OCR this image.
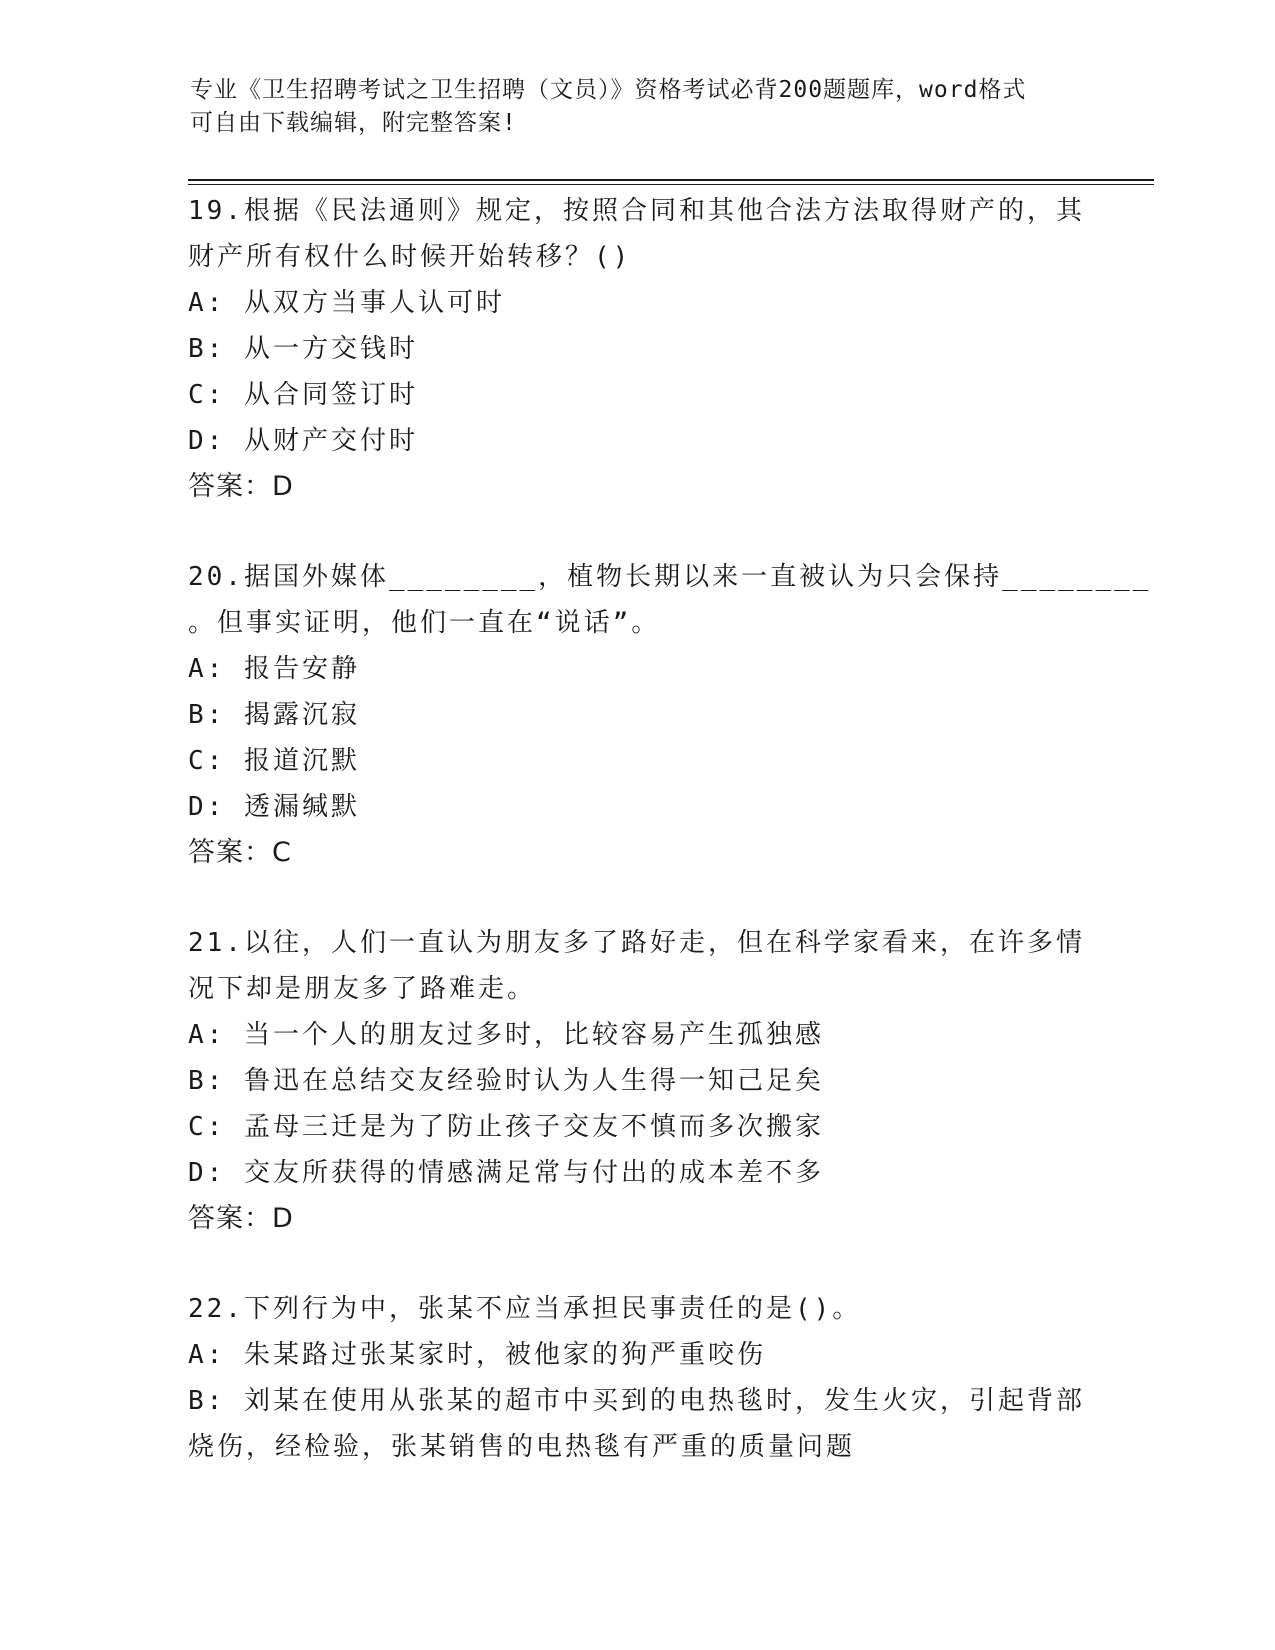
专业《卫生招聘考试之卫生招聘（文员）》资格考试必背200题题库，word格式
可自由下载编辑，附完整答案!
19.根据《民法通则》规定，按照合同和其他合法方法取得财产的，其
财产所有权什么时候开始转移？()
A: 从双方当事人认可时
B: 从一方交钱时
C: 从合同签订时
D: 从财产交付时
答案：D
20.据国外媒体________，植物长期以来一直被认为只会保持________
。但事实证明，他们一直在“说话”。
A: 报告安静
B: 揭露沉寂
C: 报道沉默
D: 透漏缄默
答案：C
21.以往，人们一直认为朋友多了路好走，但在科学家看来，在许多情
况下却是朋友多了路难走。
A: 当一个人的朋友过多时，比较容易产生孤独感
B: 鲁迅在总结交友经验时认为人生得一知己足矣
C: 孟母三迁是为了防止孩子交友不慎而多次搬家
D: 交友所获得的情感满足常与付出的成本差不多
答案：D
22.下列行为中，张某不应当承担民事责任的是()。
A: 朱某路过张某家时，被他家的狗严重咬伤
B: 刘某在使用从张某的超市中买到的电热毯时，发生火灾，引起背部
烧伤，经检验，张某销售的电热毯有严重的质量问题
